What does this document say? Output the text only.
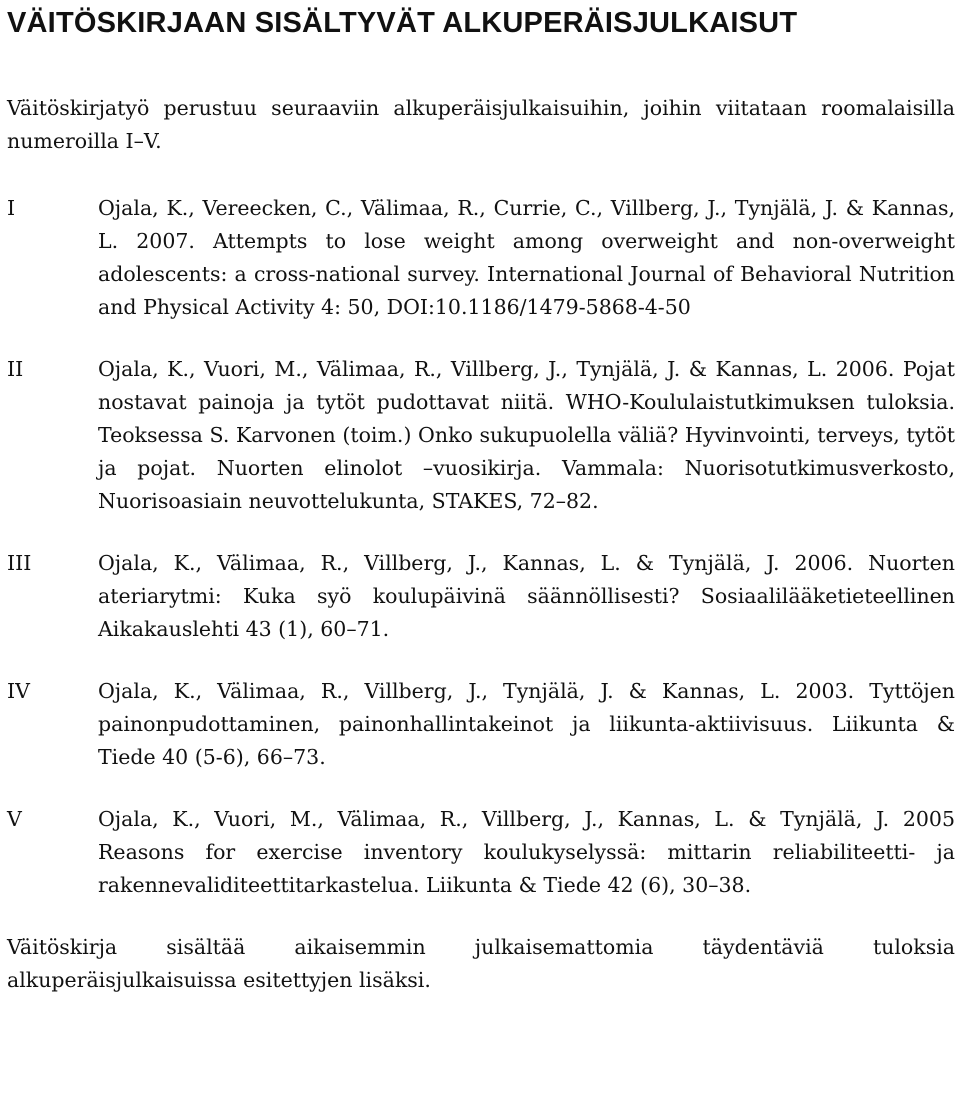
VÄITÖSKIRJAAN SISÄLTYVÄT ALKUPERÄISJULKAISUT

Väitöskirjatyö perustuu seuraaviin alkuperäisjulkaisuihin, joihin viitataan roomalaisilla numeroilla I–V.

I	Ojala, K., Vereecken, C., Välimaa, R., Currie, C., Villberg, J., Tynjälä, J. & Kannas, L. 2007. Attempts to lose weight among overweight and non-overweight adolescents: a cross-national survey. International Journal of Behavioral Nutrition and Physical Activity 4: 50, DOI:10.1186/1479-5868-4-50
II	Ojala, K., Vuori, M., Välimaa, R., Villberg, J., Tynjälä, J. & Kannas, L. 2006. Pojat nostavat painoja ja tytöt pudottavat niitä. WHO-Koululaistutkimuksen tuloksia. Teoksessa S. Karvonen (toim.) Onko sukupuolella väliä? Hyvinvointi, terveys, tytöt ja pojat. Nuorten elinolot –vuosikirja. Vammala: Nuorisotutkimusverkosto, Nuorisoasiain neuvottelukunta, STAKES, 72–82.
III	Ojala, K., Välimaa, R., Villberg, J., Kannas, L. & Tynjälä, J. 2006. Nuorten ateriarytmi: Kuka syö koulupäivinä säännöllisesti? Sosiaalilääketieteellinen Aikakauslehti 43 (1), 60–71.
IV	Ojala, K., Välimaa, R., Villberg, J., Tynjälä, J. & Kannas, L. 2003. Tyttöjen painonpudottaminen, painonhallintakeinot ja liikunta-aktiivisuus. Liikunta & Tiede 40 (5-6), 66–73.
V	Ojala, K., Vuori, M., Välimaa, R., Villberg, J., Kannas, L. & Tynjälä, J. 2005 Reasons for exercise inventory koulukyselyssä: mittarin reliabiliteetti- ja rakennevaliditeettitarkastelua. Liikunta & Tiede 42 (6), 30–38.

Väitöskirja sisältää aikaisemmin julkaisemattomia täydentäviä tuloksia alkuperäisjulkaisuissa esitettyjen lisäksi.
